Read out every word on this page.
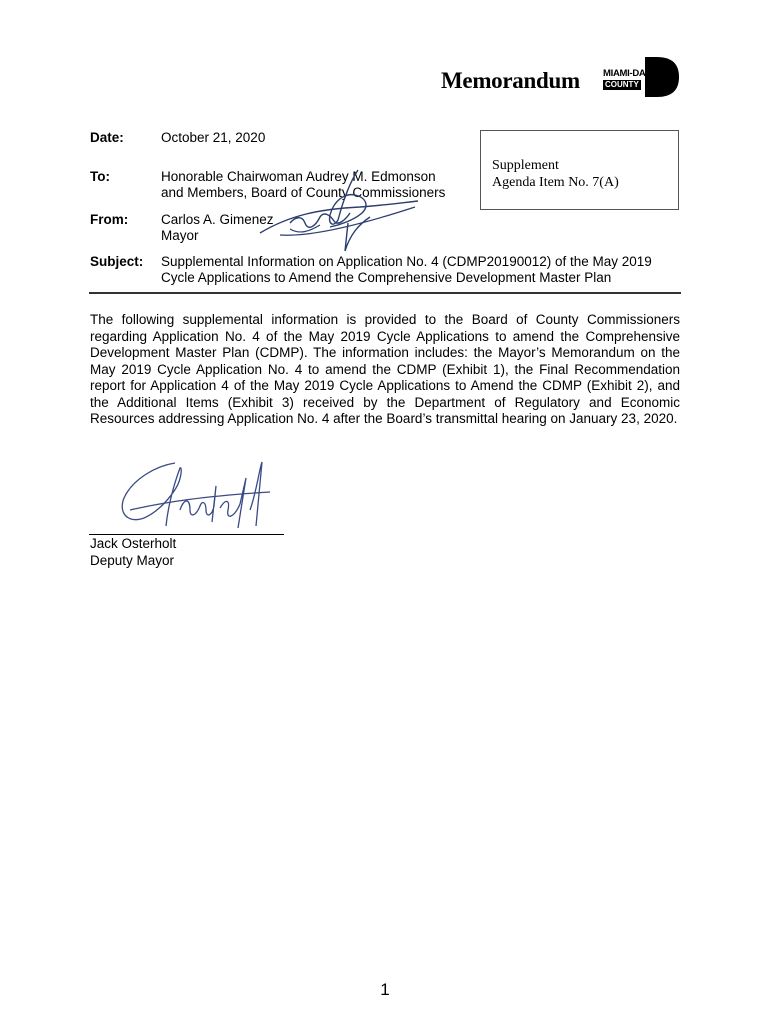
Memorandum MIAMI-DADE
COUNTY
Date:	October 21, 2020
To:	Honorable Chairwoman Audrey M. Edmonson
and Members, Board of County Commissioners
Supplement
Agenda Item No. 7(A)
From: Carlos A. Gimenez
Mayor
Subject: Supplemental Information on Application No. 4 (CDMP20190012) of the May 2019
Cycle Applications to Amend the Comprehensive Development Master Plan
The following supplemental information is provided to the Board of County Commissioners regarding Application No. 4 of the May 2019 Cycle Applications to amend the Comprehensive Development Master Plan (CDMP). The information includes: the Mayor’s Memorandum on the May 2019 Cycle Application No. 4 to amend the CDMP (Exhibit 1), the Final Recommendation report for Application 4 of the May 2019 Cycle Applications to Amend the CDMP (Exhibit 2), and the Additional Items (Exhibit 3) received by the Department of Regulatory and Economic Resources addressing Application No. 4 after the Board’s transmittal hearing on January 23, 2020.
Jack Osterholt
Deputy Mayor
1
